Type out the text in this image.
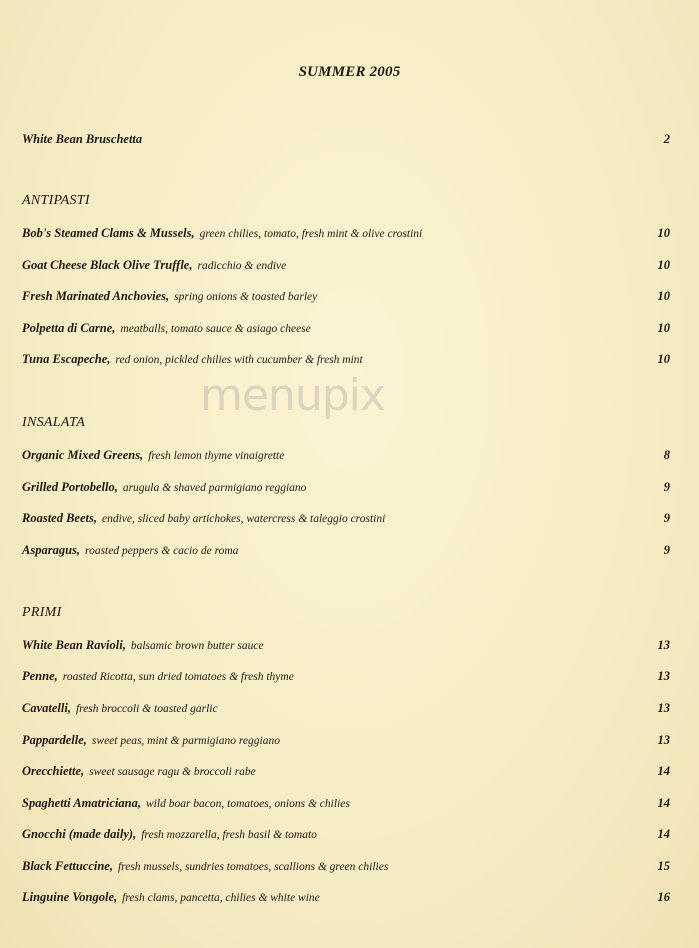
SUMMER 2005
White Bean Bruschetta	2
ANTIPASTI
Bob's Steamed Clams & Mussels, green chilies, tomato, fresh mint & olive crostini	10
Goat Cheese Black Olive Truffle, radicchio & endive	10
Fresh Marinated Anchovies, spring onions & toasted barley	10
Polpetta di Carne, meatballs, tomato sauce & asiago cheese	10
Tuna Escapeche, red onion, pickled chilies with cucumber & fresh mint	10
menupix
INSALATA
Organic Mixed Greens, fresh lemon thyme vinaigrette	8
Grilled Portobello, arugula & shaved parmigiano reggiano	9
Roasted Beets, endive, sliced baby artichokes, watercress & taleggio crostini	9
Asparagus, roasted peppers & cacio de roma	9
PRIMI
White Bean Ravioli, balsamic brown butter sauce	13
Penne, roasted Ricotta, sun dried tomatoes & fresh thyme	13
Cavatelli, fresh broccoli & toasted garlic	13
Pappardelle, sweet peas, mint & parmigiano reggiano	13
Orecchiette, sweet sausage ragu & broccoli rabe	14
Spaghetti Amatriciana, wild boar bacon, tomatoes, onions & chilies	14
Gnocchi (made daily), fresh mozzarella, fresh basil & tomato	14
Black Fettuccine, fresh mussels, sundries tomatoes, scallions & green chilies	15
Linguine Vongole, fresh clams, pancetta, chilies & white wine	16
